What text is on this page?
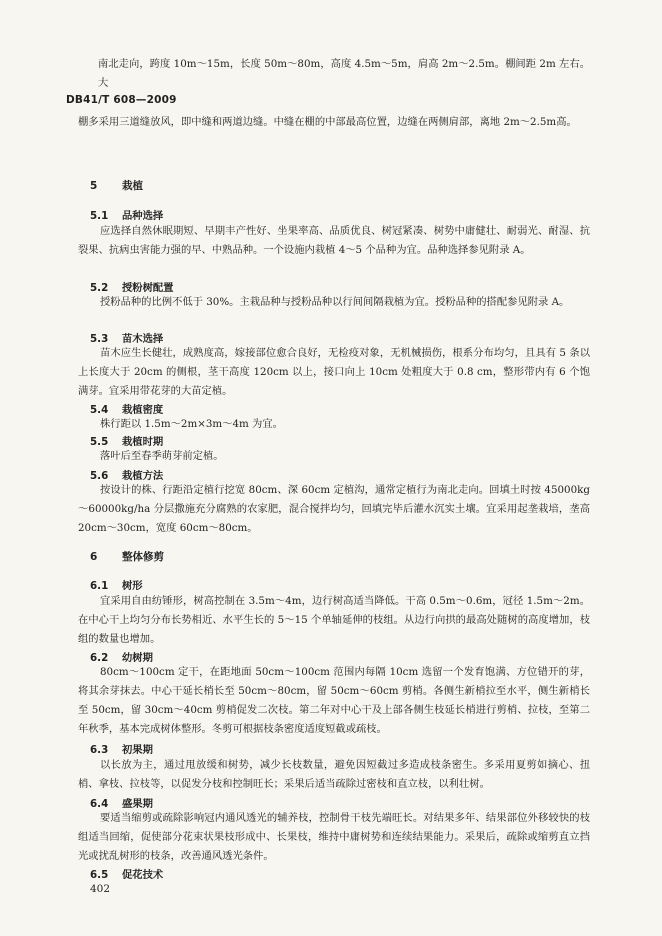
南北走向，跨度 10m～15m，长度 50m～80m，高度 4.5m～5m，肩高 2m～2.5m。棚间距 2m 左右。大
DB41/T 608—2009
棚多采用三道缝放风，即中缝和两道边缝。中缝在棚的中部最高位置，边缝在两侧肩部，离地 2m～2.5m高。
5 栽植
5.1 品种选择
应选择自然休眠期短、早期丰产性好、坐果率高、品质优良、树冠紧凑、树势中庸健壮、耐弱光、耐湿、抗裂果、抗病虫害能力强的早、中熟品种。一个设施内栽植 4～5 个品种为宜。品种选择参见附录 A。
5.2 授粉树配置
授粉品种的比例不低于 30%。主栽品种与授粉品种以行间间隔栽植为宜。授粉品种的搭配参见附录 A。
5.3 苗木选择
苗木应生长健壮，成熟度高，嫁接部位愈合良好，无检疫对象，无机械损伤，根系分布均匀，且具有 5 条以上长度大于 20cm 的侧根，茎干高度 120cm 以上，接口向上 10cm 处粗度大于 0.8 cm，整形带内有 6 个饱满芽。宜采用带花芽的大苗定植。
5.4 栽植密度
株行距以 1.5m～2m×3m～4m 为宜。
5.5 栽植时期
落叶后至春季萌芽前定植。
5.6 栽植方法
按设计的株、行距沿定植行挖宽 80cm、深 60cm 定植沟，通常定植行为南北走向。回填土时按 45000kg～60000kg/ha 分层撒施充分腐熟的农家肥，混合搅拌均匀，回填完毕后灌水沉实土壤。宜采用起垄栽培，垄高 20cm～30cm，宽度 60cm～80cm。
6 整体修剪
6.1 树形
宜采用自由纺锤形，树高控制在 3.5m～4m，边行树高适当降低。干高 0.5m～0.6m，冠径 1.5m～2m。在中心干上均匀分布长势相近、水平生长的 5～15 个单轴延伸的枝组。从边行向拱的最高处随树的高度增加，枝组的数量也增加。
6.2 幼树期
80cm～100cm 定干，在距地面 50cm～100cm 范围内每隔 10cm 选留一个发育饱满、方位错开的芽，将其余芽抹去。中心干延长梢长至 50cm～80cm，留 50cm～60cm 剪梢。各侧生新梢拉至水平，侧生新梢长至 50cm，留 30cm～40cm 剪梢促发二次枝。第二年对中心干及上部各侧生枝延长梢进行剪梢、拉枝，至第二年秋季，基本完成树体整形。冬剪可根据枝条密度适度短截或疏枝。
6.3 初果期
以长放为主，通过甩放缓和树势，减少长枝数量，避免因短截过多造成枝条密生。多采用夏剪如摘心、扭梢、拿枝、拉枝等，以促发分枝和控制旺长；采果后适当疏除过密枝和直立枝，以利壮树。
6.4 盛果期
要适当缩剪或疏除影响冠内通风透光的辅养枝，控制骨干枝先端旺长。对结果多年、结果部位外移较快的枝组适当回缩，促使部分花束状果枝形成中、长果枝，维持中庸树势和连续结果能力。采果后，疏除或缩剪直立挡光或扰乱树形的枝条，改善通风透光条件。
6.5 促花技术
402
